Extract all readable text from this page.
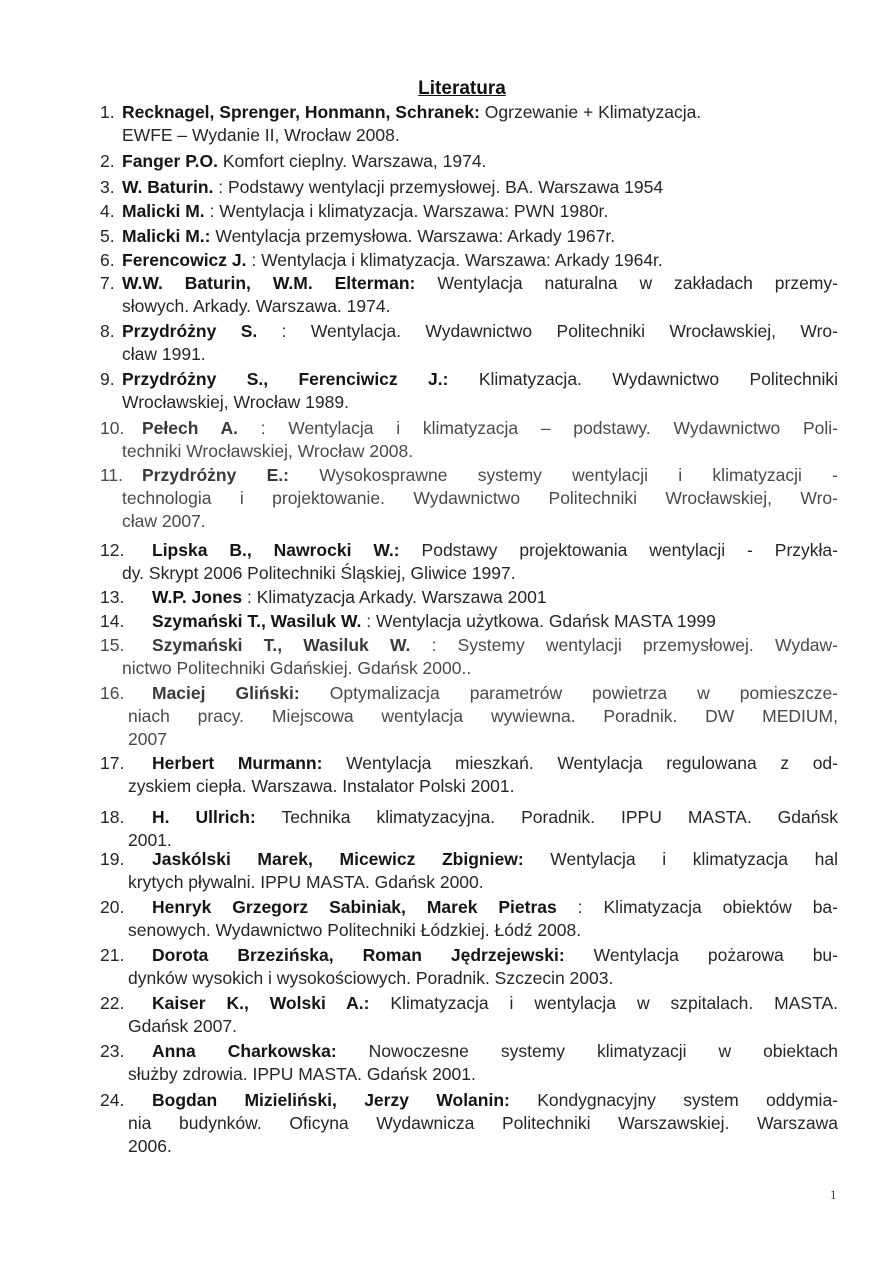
Literatura
1. Recknagel, Sprenger, Honmann, Schranek: Ogrzewanie + Klimatyzacja.
EWFE – Wydanie II, Wrocław 2008.
2. Fanger P.O. Komfort cieplny. Warszawa, 1974.
3. W. Baturin. : Podstawy wentylacji przemysłowej. BA. Warszawa 1954
4. Malicki M. : Wentylacja i klimatyzacja. Warszawa: PWN 1980r.
5. Malicki M.: Wentylacja przemysłowa. Warszawa: Arkady 1967r.
6. Ferencowicz J. : Wentylacja i klimatyzacja. Warszawa: Arkady 1964r.
7. W.W. Baturin, W.M. Elterman: Wentylacja naturalna w zakładach przemy-
słowych. Arkady. Warszawa. 1974.
8. Przydróżny S. : Wentylacja. Wydawnictwo Politechniki Wrocławskiej, Wro-
cław 1991.
9. Przydróżny S., Ferenciwicz J.: Klimatyzacja. Wydawnictwo Politechniki
Wrocławskiej, Wrocław 1989.
10. Pełech A. : Wentylacja i klimatyzacja – podstawy. Wydawnictwo Poli-
techniki Wrocławskiej, Wrocław 2008.
11. Przydróżny E.: Wysokosprawne systemy wentylacji i klimatyzacji -
technologia i projektowanie. Wydawnictwo Politechniki Wrocławskiej, Wro-
cław 2007.
12. Lipska B., Nawrocki W.: Podstawy projektowania wentylacji - Przykła-
dy. Skrypt 2006 Politechniki Śląskiej, Gliwice 1997.
13. W.P. Jones : Klimatyzacja Arkady. Warszawa 2001
14. Szymański T., Wasiluk W. : Wentylacja użytkowa. Gdańsk MASTA 1999
15. Szymański T., Wasiluk W. : Systemy wentylacji przemysłowej. Wydaw-
nictwo Politechniki Gdańskiej. Gdańsk 2000..
16. Maciej Gliński: Optymalizacja parametrów powietrza w pomieszcze-
niach pracy. Miejscowa wentylacja wywiewna. Poradnik. DW MEDIUM,
2007
17. Herbert Murmann: Wentylacja mieszkań. Wentylacja regulowana z od-
zyskiem ciepła. Warszawa. Instalator Polski 2001.
18. H. Ullrich: Technika klimatyzacyjna. Poradnik. IPPU MASTA. Gdańsk
2001.
19. Jaskólski Marek, Micewicz Zbigniew: Wentylacja i klimatyzacja hal
krytych pływalni. IPPU MASTA. Gdańsk 2000.
20. Henryk Grzegorz Sabiniak, Marek Pietras : Klimatyzacja obiektów ba-
senowych. Wydawnictwo Politechniki Łódzkiej. Łódź 2008.
21. Dorota Brzezińska, Roman Jędrzejewski: Wentylacja pożarowa bu-
dynków wysokich i wysokościowych. Poradnik. Szczecin 2003.
22. Kaiser K., Wolski A.: Klimatyzacja i wentylacja w szpitalach. MASTA.
Gdańsk 2007.
23. Anna Charkowska: Nowoczesne systemy klimatyzacji w obiektach
służby zdrowia. IPPU MASTA. Gdańsk 2001.
24. Bogdan Mizieliński, Jerzy Wolanin: Kondygnacyjny system oddymia-
nia budynków. Oficyna Wydawnicza Politechniki Warszawskiej. Warszawa
2006.
1
